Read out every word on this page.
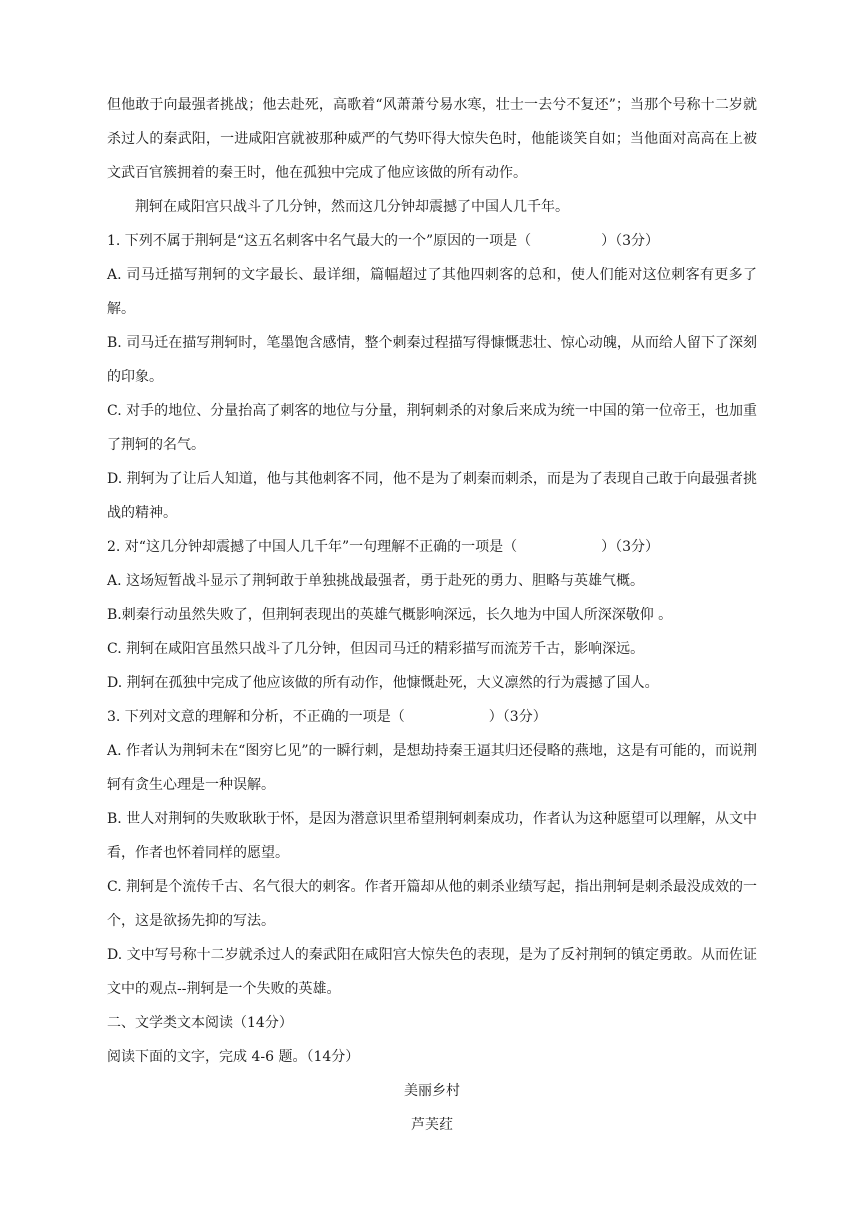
但他敢于向最强者挑战；他去赴死，高歌着“风萧萧兮易水寒，壮士一去兮不复还”；当那个号称十二岁就杀过人的秦武阳，一进咸阳宫就被那种威严的气势吓得大惊失色时，他能谈笑自如；当他面对高高在上被文武百官簇拥着的秦王时，他在孤独中完成了他应该做的所有动作。

荆轲在咸阳宫只战斗了几分钟，然而这几分钟却震撼了中国人几千年。

1. 下列不属于荆轲是“这五名刺客中名气最大的一个”原因的一项是（　　　　　）（3分）

A. 司马迁描写荆轲的文字最长、最详细，篇幅超过了其他四刺客的总和，使人们能对这位刺客有更多了解。

B. 司马迁在描写荆轲时，笔墨饱含感情，整个刺秦过程描写得慷慨悲壮、惊心动魄，从而给人留下了深刻的印象。

C. 对手的地位、分量抬高了刺客的地位与分量，荆轲刺杀的对象后来成为统一中国的第一位帝王，也加重了荆轲的名气。

D. 荆轲为了让后人知道，他与其他刺客不同，他不是为了刺秦而刺杀，而是为了表现自己敢于向最强者挑战的精神。

2. 对“这几分钟却震撼了中国人几千年”一句理解不正确的一项是（　　　　　　）（3分）

A. 这场短暂战斗显示了荆轲敢于单独挑战最强者，勇于赴死的勇力、胆略与英雄气概。

B.刺秦行动虽然失败了，但荆轲表现出的英雄气概影响深远，长久地为中国人所深深敬仰 。

C. 荆轲在咸阳宫虽然只战斗了几分钟，但因司马迁的精彩描写而流芳千古，影响深远。

D. 荆轲在孤独中完成了他应该做的所有动作，他慷慨赴死，大义凛然的行为震撼了国人。

3. 下列对文意的理解和分析，不正确的一项是（　　　　　　）（3分）

A. 作者认为荆轲未在“图穷匕见”的一瞬行刺，是想劫持秦王逼其归还侵略的燕地，这是有可能的，而说荆轲有贪生心理是一种误解。

B. 世人对荆轲的失败耿耿于怀，是因为潜意识里希望荆轲刺秦成功，作者认为这种愿望可以理解，从文中看，作者也怀着同样的愿望。

C. 荆轲是个流传千古、名气很大的刺客。作者开篇却从他的刺杀业绩写起，指出荆轲是刺杀最没成效的一个，这是欲扬先抑的写法。

D. 文中写号称十二岁就杀过人的秦武阳在咸阳宫大惊失色的表现，是为了反衬荆轲的镇定勇敢。从而佐证文中的观点--荆轲是一个失败的英雄。

二、文学类文本阅读（14分）

阅读下面的文字，完成 4-6 题。（14分）

美丽乡村

芦芙荭
